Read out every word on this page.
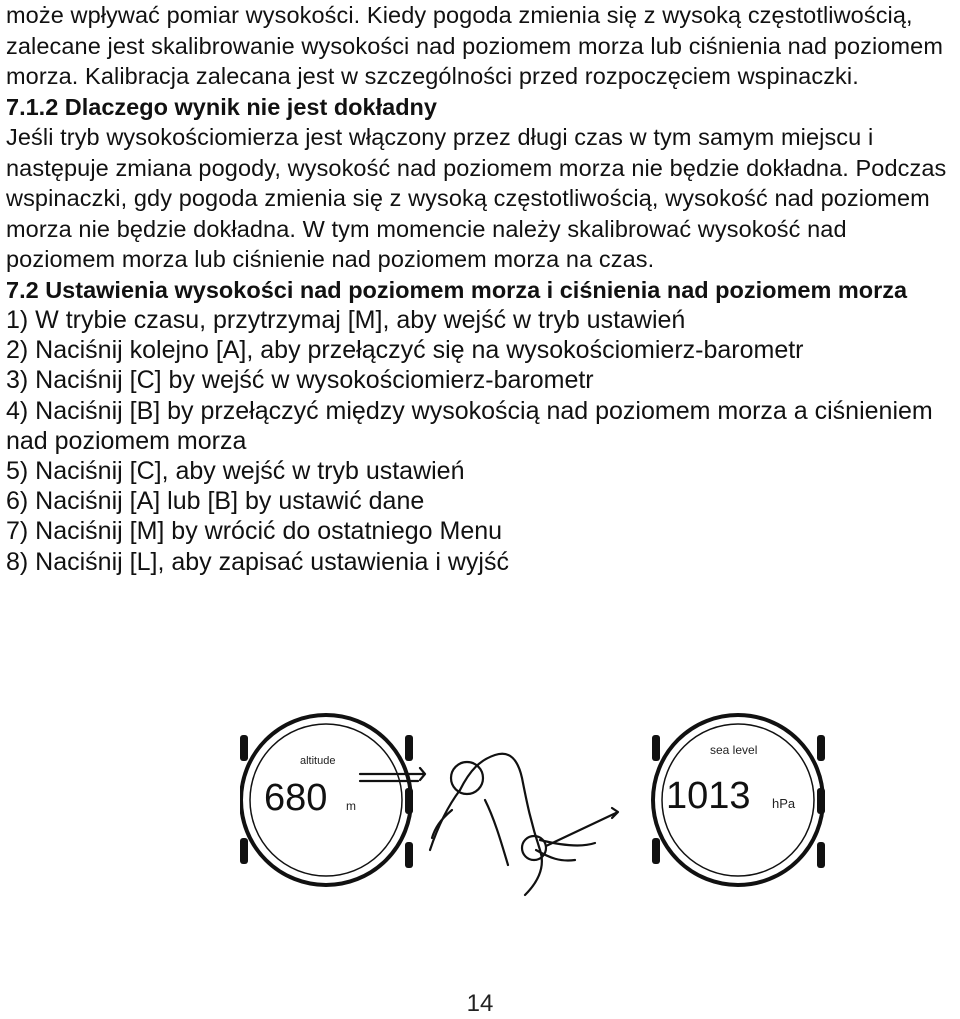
może wpływać pomiar wysokości. Kiedy pogoda zmienia się z wysoką częstotliwością, zalecane jest skalibrowanie wysokości nad poziomem morza lub ciśnienia nad poziomem morza. Kalibracja zalecana jest w szczególności przed rozpoczęciem wspinaczki.

7.1.2 Dlaczego wynik nie jest dokładny

Jeśli tryb wysokościomierza jest włączony przez długi czas w tym samym miejscu i następuje zmiana pogody, wysokość nad poziomem morza nie będzie dokładna. Podczas wspinaczki, gdy pogoda zmienia się z wysoką częstotliwością, wysokość nad poziomem morza nie będzie dokładna. W tym momencie należy skalibrować wysokość nad poziomem morza lub ciśnienie nad poziomem morza na czas.

7.2 Ustawienia wysokości nad poziomem morza i ciśnienia nad poziomem morza

1) W trybie czasu, przytrzymaj [M], aby wejść w tryb ustawień
2) Naciśnij kolejno [A], aby przełączyć się na wysokościomierz-barometr
3) Naciśnij [C] by wejść w wysokościomierz-barometr
4) Naciśnij [B] by przełączyć między wysokością nad poziomem morza a ciśnieniem nad poziomem morza
5) Naciśnij [C], aby wejść w tryb ustawień
6) Naciśnij [A] lub [B] by ustawić dane
7) Naciśnij [M] by wrócić do ostatniego Menu
8) Naciśnij [L], aby zapisać ustawienia i wyjść
altitude
680 m
sea level
1013 hPa
14
